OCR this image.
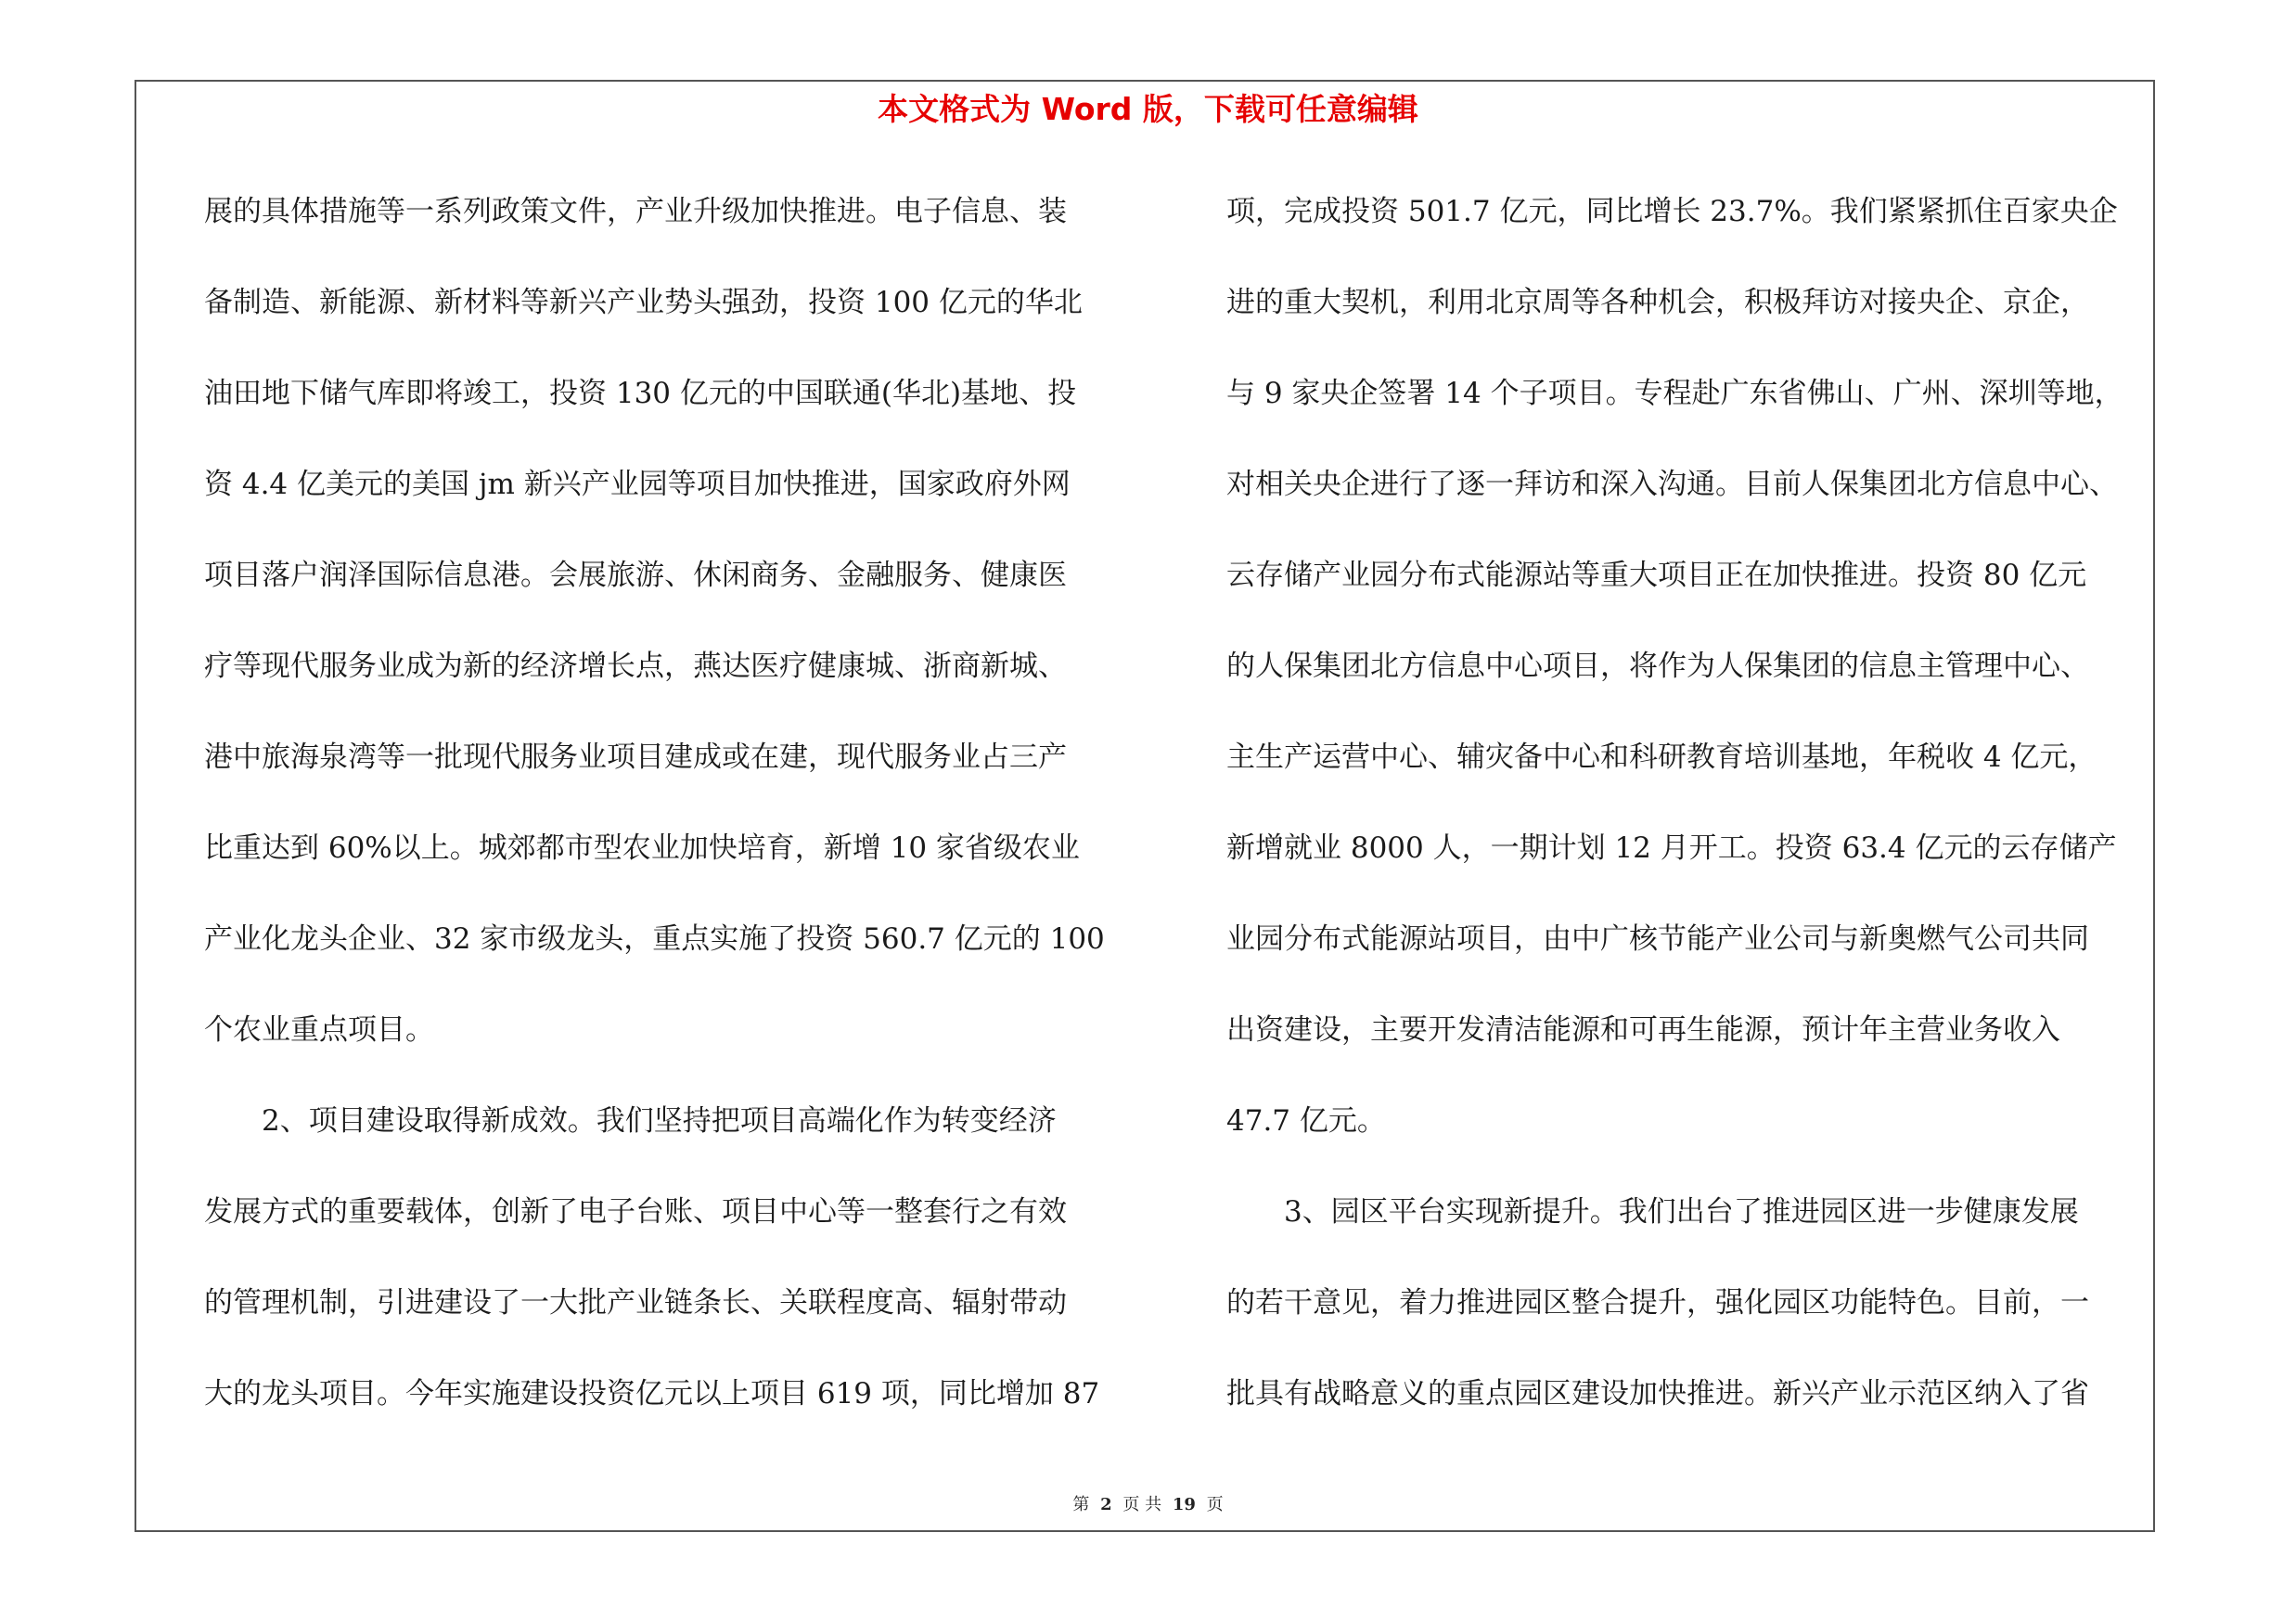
本文格式为 Word 版，下载可任意编辑
展的具体措施等一系列政策文件，产业升级加快推进。电子信息、装
备制造、新能源、新材料等新兴产业势头强劲，投资 100 亿元的华北
油田地下储气库即将竣工，投资 130 亿元的中国联通(华北)基地、投
资 4.4 亿美元的美国 jm 新兴产业园等项目加快推进，国家政府外网
项目落户润泽国际信息港。会展旅游、休闲商务、金融服务、健康医
疗等现代服务业成为新的经济增长点，燕达医疗健康城、浙商新城、
港中旅海泉湾等一批现代服务业项目建成或在建，现代服务业占三产
比重达到 60%以上。城郊都市型农业加快培育，新增 10 家省级农业
产业化龙头企业、32 家市级龙头，重点实施了投资 560.7 亿元的 100
个农业重点项目。
2、项目建设取得新成效。我们坚持把项目高端化作为转变经济
发展方式的重要载体，创新了电子台账、项目中心等一整套行之有效
的管理机制，引进建设了一大批产业链条长、关联程度高、辐射带动
大的龙头项目。今年实施建设投资亿元以上项目 619 项，同比增加 87
项，完成投资 501.7 亿元，同比增长 23.7%。我们紧紧抓住百家央企
进的重大契机，利用北京周等各种机会，积极拜访对接央企、京企，
与 9 家央企签署 14 个子项目。专程赴广东省佛山、广州、深圳等地，
对相关央企进行了逐一拜访和深入沟通。目前人保集团北方信息中心、
云存储产业园分布式能源站等重大项目正在加快推进。投资 80 亿元
的人保集团北方信息中心项目，将作为人保集团的信息主管理中心、
主生产运营中心、辅灾备中心和科研教育培训基地，年税收 4 亿元，
新增就业 8000 人，一期计划 12 月开工。投资 63.4 亿元的云存储产
业园分布式能源站项目，由中广核节能产业公司与新奥燃气公司共同
出资建设，主要开发清洁能源和可再生能源，预计年主营业务收入
47.7 亿元。
3、园区平台实现新提升。我们出台了推进园区进一步健康发展
的若干意见，着力推进园区整合提升，强化园区功能特色。目前，一
批具有战略意义的重点园区建设加快推进。新兴产业示范区纳入了省
第 2 页 共 19 页
